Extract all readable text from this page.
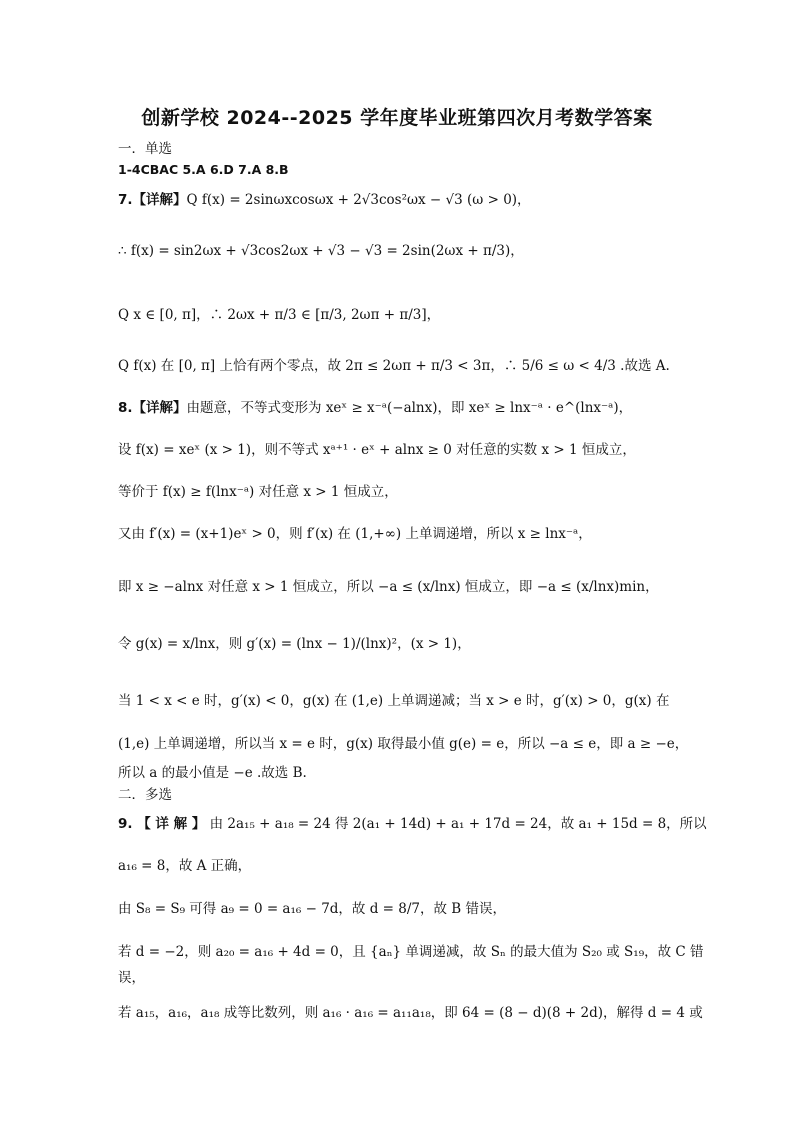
创新学校 2024--2025 学年度毕业班第四次月考数学答案
一．单选
1-4CBAC 5.A 6.D 7.A 8.B
7.【详解】Q f(x) = 2sinωxcosωx + 2√3cos²ωx − √3 (ω > 0)，
∴ f(x) = sin2ωx + √3cos2ωx + √3 − √3 = 2sin(2ωx + π/3)，
Q x ∈ [0, π]，∴ 2ωx + π/3 ∈ [π/3, 2ωπ + π/3]，
Q f(x) 在 [0, π] 上恰有两个零点，故 2π ≤ 2ωπ + π/3 < 3π，∴ 5/6 ≤ ω < 4/3 .故选 A.
8.【详解】由题意，不等式变形为 xeˣ ≥ x⁻ᵃ(−alnx)，即 xeˣ ≥ lnx⁻ᵃ · e^(lnx⁻ᵃ)，
设 f(x) = xeˣ (x > 1)，则不等式 xᵃ⁺¹ · eˣ + alnx ≥ 0 对任意的实数 x > 1 恒成立，
等价于 f(x) ≥ f(lnx⁻ᵃ) 对任意 x > 1 恒成立，
又由 f′(x) = (x+1)eˣ > 0，则 f′(x) 在 (1,+∞) 上单调递增，所以 x ≥ lnx⁻ᵃ，
即 x ≥ −alnx 对任意 x > 1 恒成立，所以 −a ≤ (x/lnx) 恒成立，即 −a ≤ (x/lnx)min，
令 g(x) = x/lnx，则 g′(x) = (lnx − 1)/(lnx)²，(x > 1)，
当 1 < x < e 时，g′(x) < 0，g(x) 在 (1,e) 上单调递减；当 x > e 时，g′(x) > 0，g(x) 在
(1,e) 上单调递增，所以当 x = e 时，g(x) 取得最小值 g(e) = e，所以 −a ≤ e，即 a ≥ −e，
所以 a 的最小值是 −e .故选 B.
二．多选
9. 【 详 解 】 由 2a₁₅ + a₁₈ = 24 得 2(a₁ + 14d) + a₁ + 17d = 24，故 a₁ + 15d = 8，所以
a₁₆ = 8，故 A 正确，
由 S₈ = S₉ 可得 a₉ = 0 = a₁₆ − 7d，故 d = 8/7，故 B 错误，
若 d = −2，则 a₂₀ = a₁₆ + 4d = 0，且 {aₙ} 单调递减，故 Sₙ 的最大值为 S₂₀ 或 S₁₉，故 C 错
误，
若 a₁₅，a₁₆，a₁₈ 成等比数列，则 a₁₆ · a₁₆ = a₁₁a₁₈，即 64 = (8 − d)(8 + 2d)，解得 d = 4 或
